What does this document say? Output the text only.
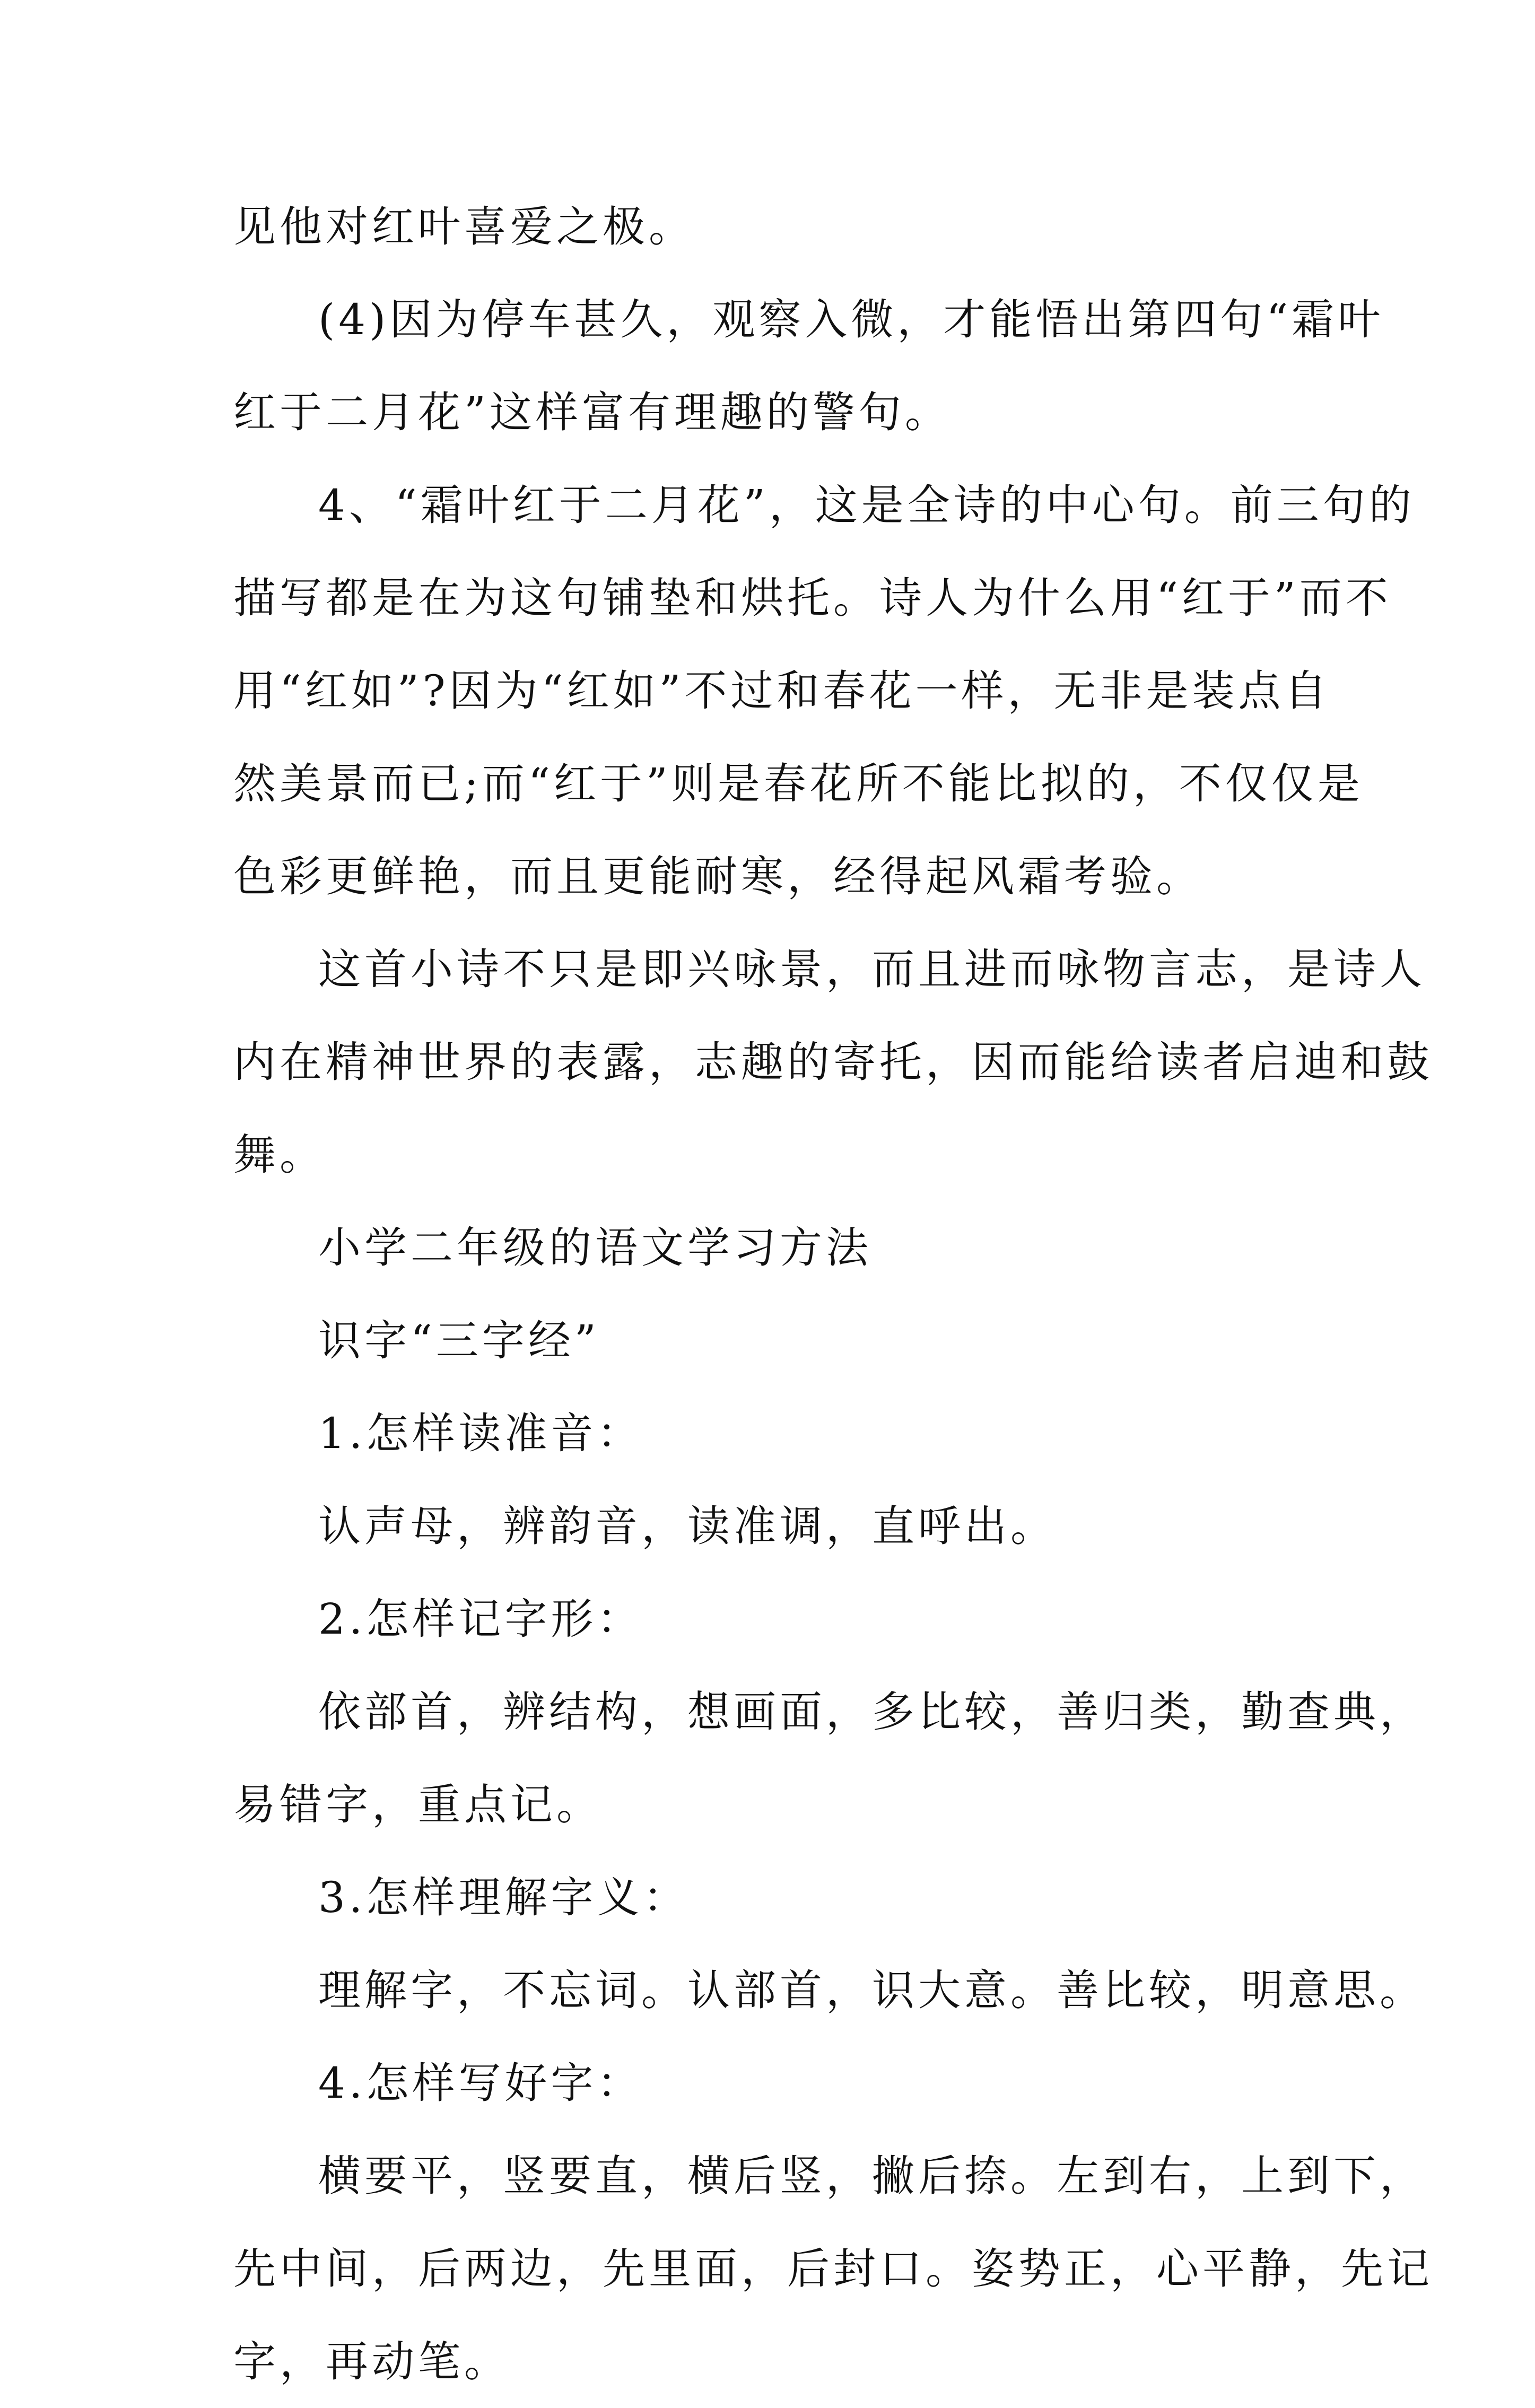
见他对红叶喜爱之极。
(4)因为停车甚久，观察入微，才能悟出第四句“霜叶
红于二月花”这样富有理趣的警句。
4、“霜叶红于二月花”，这是全诗的中心句。前三句的
描写都是在为这句铺垫和烘托。诗人为什么用“红于”而不
用“红如”?因为“红如”不过和春花一样，无非是装点自
然美景而已;而“红于”则是春花所不能比拟的，不仅仅是
色彩更鲜艳，而且更能耐寒，经得起风霜考验。
这首小诗不只是即兴咏景，而且进而咏物言志，是诗人
内在精神世界的表露，志趣的寄托，因而能给读者启迪和鼓
舞。
小学二年级的语文学习方法
识字“三字经”
1.怎样读准音：
认声母，辨韵音，读准调，直呼出。
2.怎样记字形：
依部首，辨结构，想画面，多比较，善归类，勤查典，
易错字，重点记。
3.怎样理解字义：
理解字，不忘词。认部首，识大意。善比较，明意思。
4.怎样写好字：
横要平，竖要直，横后竖，撇后捺。左到右，上到下，
先中间，后两边，先里面，后封口。姿势正，心平静，先记
字，再动笔。
